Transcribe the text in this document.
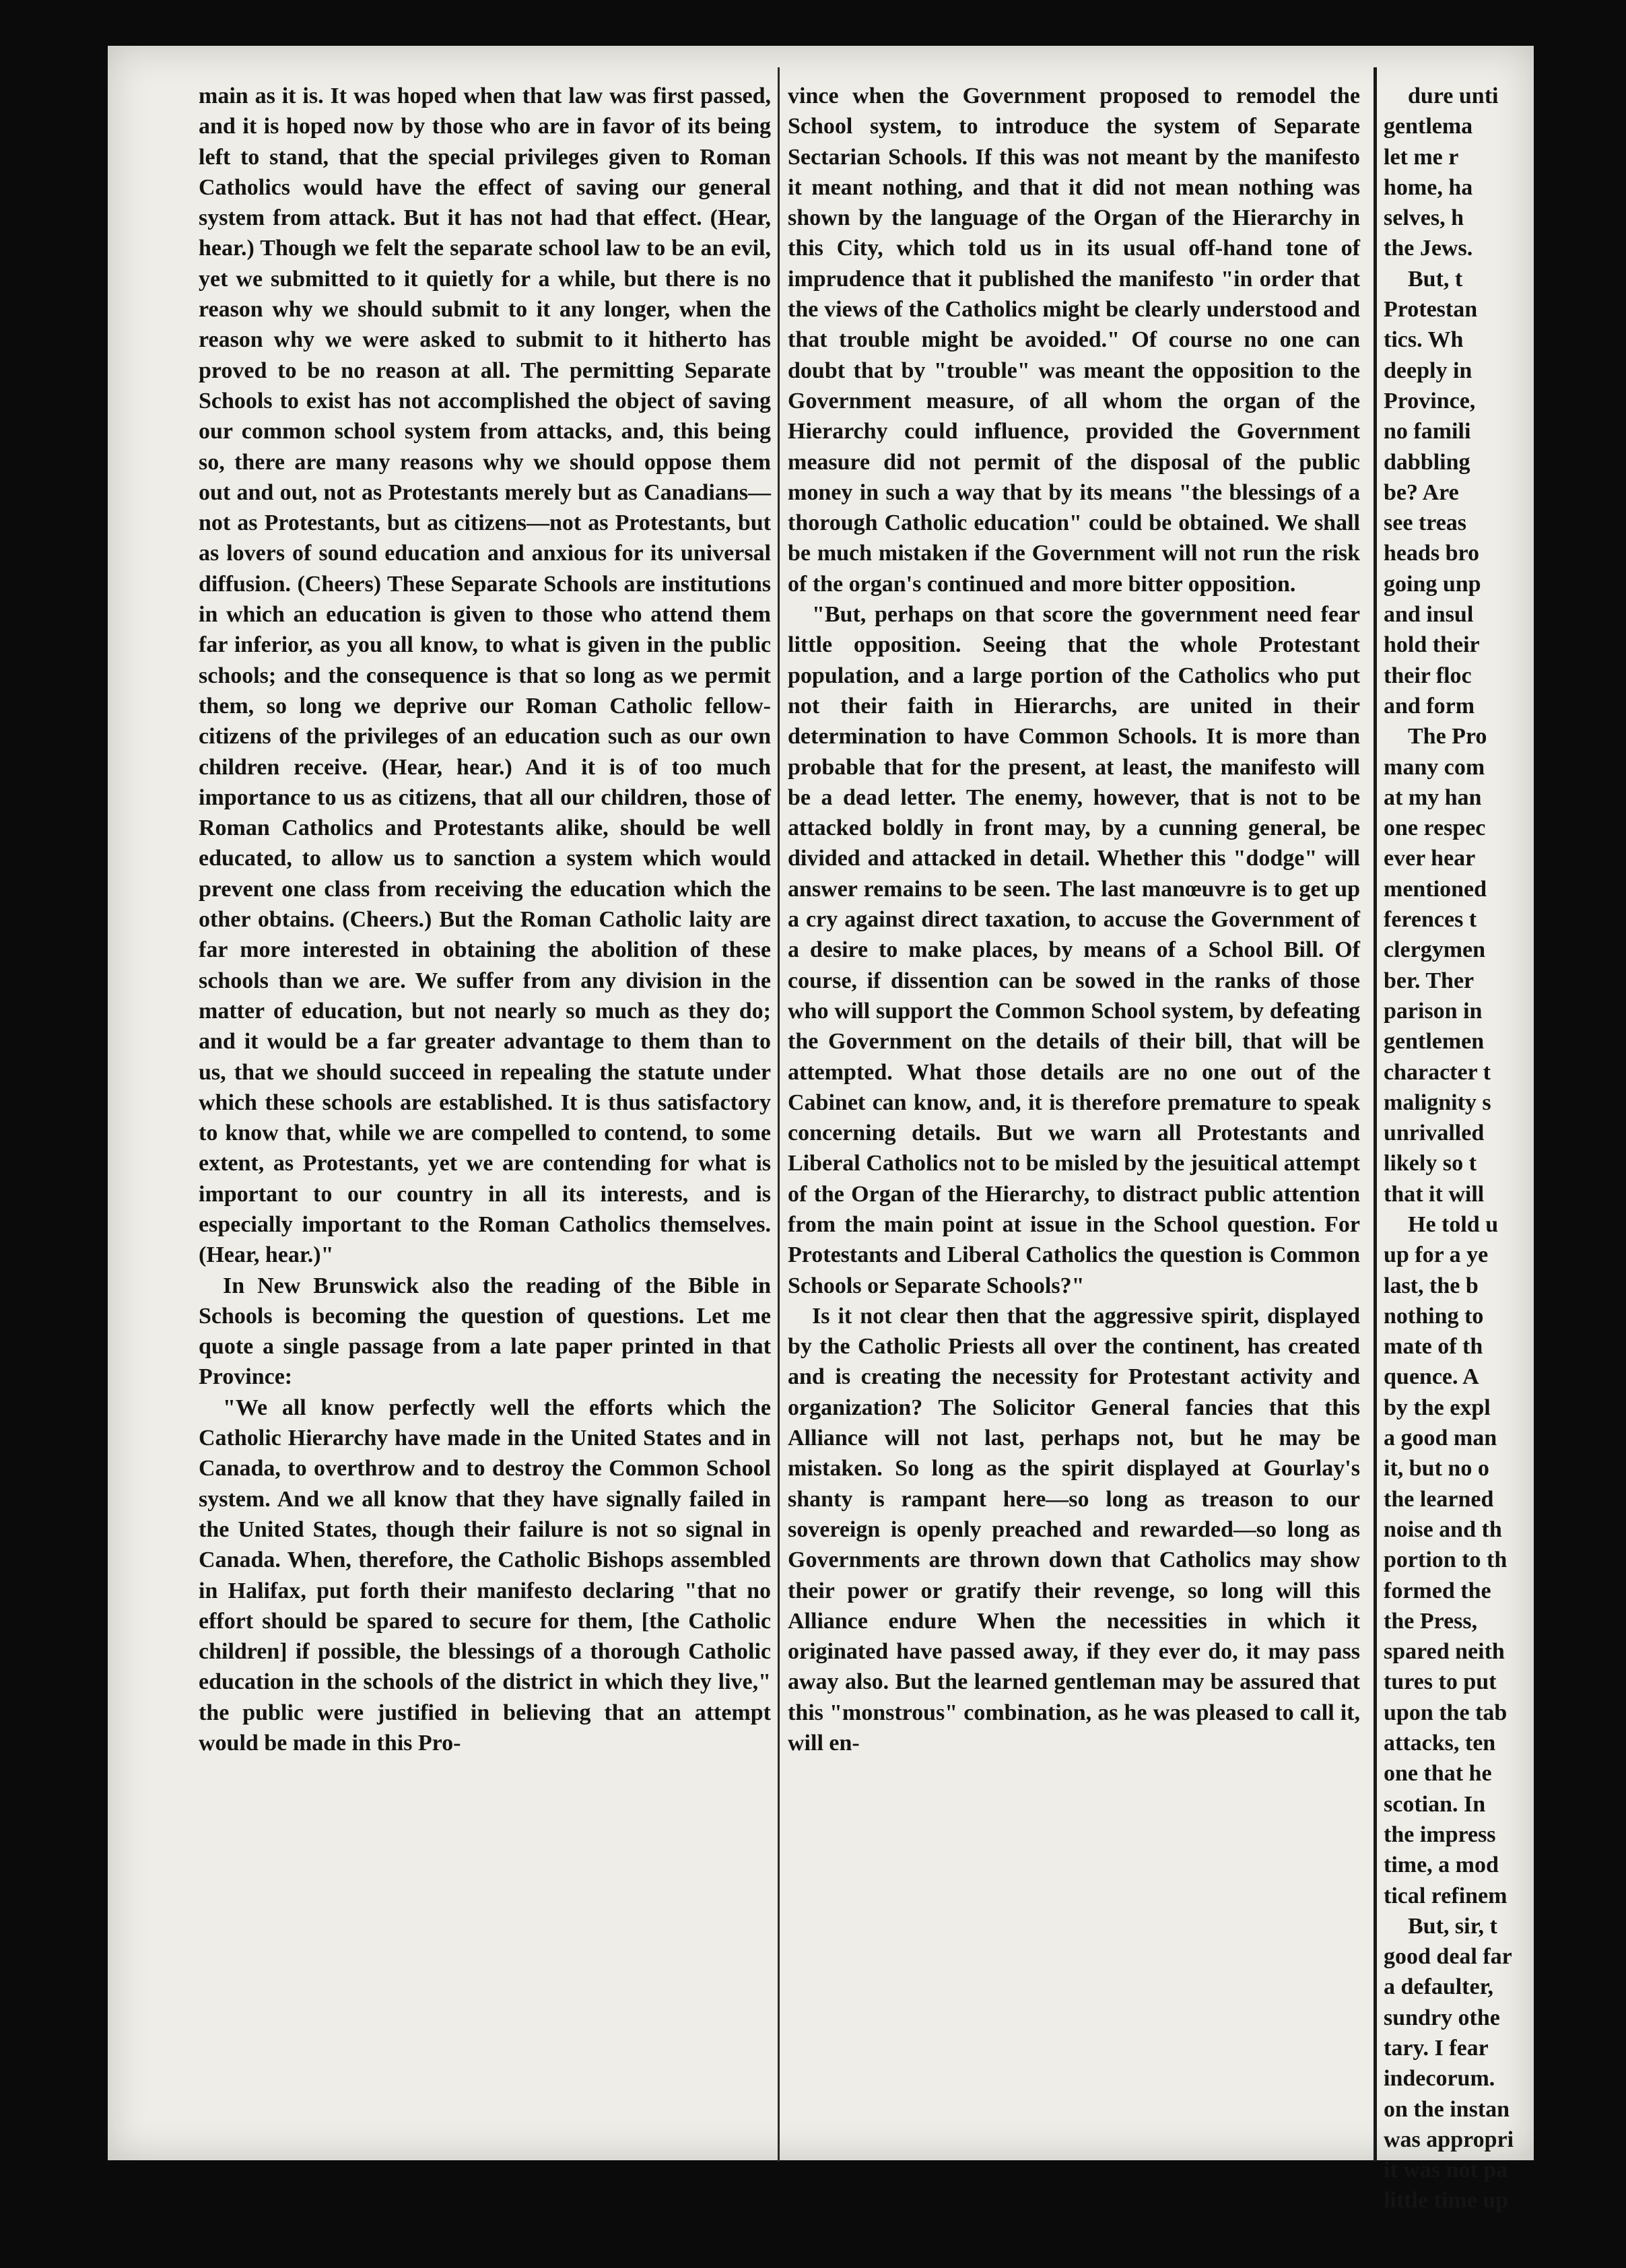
main as it is. It was hoped when that law was first passed, and it is hoped now by those who are in favor of its being left to stand, that the special privileges given to Roman Catholics would have the effect of saving our general system from attack. But it has not had that effect. (Hear, hear.) Though we felt the separate school law to be an evil, yet we submitted to it quietly for a while, but there is no reason why we should submit to it any longer, when the reason why we were asked to submit to it hitherto has proved to be no reason at all. The permitting Separate Schools to exist has not accomplished the object of saving our common school system from attacks, and, this being so, there are many reasons why we should oppose them out and out, not as Protestants merely but as Canadians—not as Protestants, but as citizens—not as Protestants, but as lovers of sound education and anxious for its universal diffusion. (Cheers) These Separate Schools are institutions in which an education is given to those who attend them far inferior, as you all know, to what is given in the public schools; and the consequence is that so long as we permit them, so long we deprive our Roman Catholic fellow-citizens of the privileges of an education such as our own children receive. (Hear, hear.) And it is of too much importance to us as citizens, that all our children, those of Roman Catholics and Protestants alike, should be well educated, to allow us to sanction a system which would prevent one class from receiving the education which the other obtains. (Cheers.) But the Roman Catholic laity are far more interested in obtaining the abolition of these schools than we are. We suffer from any division in the matter of education, but not nearly so much as they do; and it would be a far greater advantage to them than to us, that we should succeed in repealing the statute under which these schools are established. It is thus satisfactory to know that, while we are compelled to contend, to some extent, as Protestants, yet we are contending for what is important to our country in all its interests, and is especially important to the Roman Catholics themselves. (Hear, hear.)"

In New Brunswick also the reading of the Bible in Schools is becoming the question of questions. Let me quote a single passage from a late paper printed in that Province:

"We all know perfectly well the efforts which the Catholic Hierarchy have made in the United States and in Canada, to overthrow and to destroy the Common School system. And we all know that they have signally failed in the United States, though their failure is not so signal in Canada. When, therefore, the Catholic Bishops assembled in Halifax, put forth their manifesto declaring "that no effort should be spared to secure for them, [the Catholic children] if possible, the blessings of a thorough Catholic education in the schools of the district in which they live," the public were justified in believing that an attempt would be made in this Pro-

vince when the Government proposed to remodel the School system, to introduce the system of Separate Sectarian Schools. If this was not meant by the manifesto it meant nothing, and that it did not mean nothing was shown by the language of the Organ of the Hierarchy in this City, which told us in its usual off-hand tone of imprudence that it published the manifesto "in order that the views of the Catholics might be clearly understood and that trouble might be avoided." Of course no one can doubt that by "trouble" was meant the opposition to the Government measure, of all whom the organ of the Hierarchy could influence, provided the Government measure did not permit of the disposal of the public money in such a way that by its means "the blessings of a thorough Catholic education" could be obtained. We shall be much mistaken if the Government will not run the risk of the organ's continued and more bitter opposition.

"But, perhaps on that score the government need fear little opposition. Seeing that the whole Protestant population, and a large portion of the Catholics who put not their faith in Hierarchs, are united in their determination to have Common Schools. It is more than probable that for the present, at least, the manifesto will be a dead letter. The enemy, however, that is not to be attacked boldly in front may, by a cunning general, be divided and attacked in detail. Whether this "dodge" will answer remains to be seen. The last manœuvre is to get up a cry against direct taxation, to accuse the Government of a desire to make places, by means of a School Bill. Of course, if dissention can be sowed in the ranks of those who will support the Common School system, by defeating the Government on the details of their bill, that will be attempted. What those details are no one out of the Cabinet can know, and, it is therefore premature to speak concerning details. But we warn all Protestants and Liberal Catholics not to be misled by the jesuitical attempt of the Organ of the Hierarchy, to distract public attention from the main point at issue in the School question. For Protestants and Liberal Catholics the question is Common Schools or Separate Schools?"

Is it not clear then that the aggressive spirit, displayed by the Catholic Priests all over the continent, has created and is creating the necessity for Protestant activity and organization? The Solicitor General fancies that this Alliance will not last, perhaps not, but he may be mistaken. So long as the spirit displayed at Gourlay's shanty is rampant here—so long as treason to our sovereign is openly preached and rewarded—so long as Governments are thrown down that Catholics may show their power or gratify their revenge, so long will this Alliance endure When the necessities in which it originated have passed away, if they ever do, it may pass away also. But the learned gentleman may be assured that this "monstrous" combination, as he was pleased to call it, will en-

dure unti
gentlema
let me r
home, ha
selves, h
the Jews.
But, t
Protestan
tics. Wh
deeply in
Province,
no famili
dabbling
be? Are
see treas
heads bro
going unp
and insul
hold their
their floc
and form
The Pro
many com
at my han
one respec
ever hear
mentioned
ferences t
clergymen
ber. Ther
parison in
gentlemen
character t
malignity s
unrivalled
likely so t
that it will
He told u
up for a ye
last, the b
nothing to
mate of th
quence. A
by the expl
a good man
it, but no o
the learned
noise and th
portion to th
formed the
the Press,
spared neith
tures to put
upon the tab
attacks, ten
one that he
scotian. In
the impress
time, a mod
tical refinem
But, sir, t
good deal far
a defaulter,
sundry othe
tary. I fear
indecorum.
on the instan
was appropri
it was not pa
little time up
